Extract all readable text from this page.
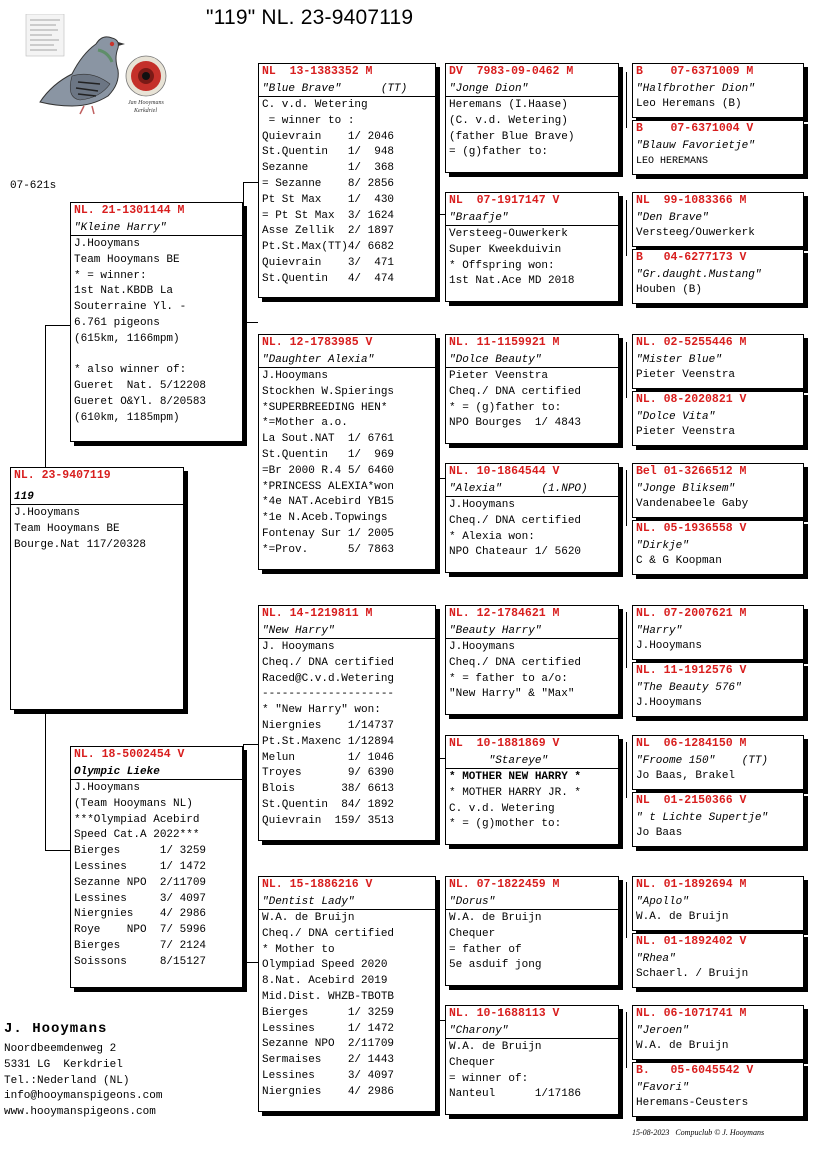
"119" NL. 23-9407119
Jan Hooymans
Kerkdriel
07-621s
NL. 23-9407119
119
J.Hooymans
Team Hooymans BE
Bourge.Nat 117/20328
NL. 21-1301144 M
"Kleine Harry"
J.Hooymans
Team Hooymans BE
* = winner:
1st Nat.KBDB La
Souterraine Yl. -
6.761 pigeons
(615km, 1166mpm)
* also winner of:
Gueret  Nat. 5/12208
Gueret O&Yl. 8/20583
(610km, 1185mpm)
NL. 18-5002454 V
Olympic Lieke
J.Hooymans
(Team Hooymans NL)
***Olympiad Acebird
Speed Cat.A 2022***
Bierges      1/ 3259
Lessines     1/ 1472
Sezanne NPO  2/11709
Lessines     3/ 4097
Niergnies    4/ 2986
Roye    NPO  7/ 5996
Bierges      7/ 2124
Soissons     8/15127
NL  13-1383352 M
"Blue Brave"      (TT)
C. v.d. Wetering
= winner to :
Quievrain    1/ 2046
St.Quentin   1/  948
Sezanne      1/  368
= Sezanne    8/ 2856
Pt St Max    1/  430
= Pt St Max  3/ 1624
Asse Zellik  2/ 1897
Pt.St.Max(TT)4/ 6682
Quievrain    3/  471
St.Quentin   4/  474
NL. 12-1783985 V
"Daughter Alexia"
J.Hooymans
Stockhen W.Spierings
*SUPERBREEDING HEN*
*=Mother a.o.
La Sout.NAT  1/ 6761
St.Quentin   1/  969
=Br 2000 R.4 5/ 6460
*PRINCESS ALEXIA*won
*4e NAT.Acebird YB15
*1e N.Aceb.Topwings
Fontenay Sur 1/ 2005
*=Prov.      5/ 7863
NL. 14-1219811 M
"New Harry"
J. Hooymans
Cheq./ DNA certified
Raced@C.v.d.Wetering
--------------------
* "New Harry" won:
Niergnies    1/14737
Pt.St.Maxenc 1/12894
Melun        1/ 1046
Troyes       9/ 6390
Blois       38/ 6613
St.Quentin  84/ 1892
Quievrain  159/ 3513
NL. 15-1886216 V
"Dentist Lady"
W.A. de Bruijn
Cheq./ DNA certified
* Mother to
Olympiad Speed 2020
8.Nat. Acebird 2019
Mid.Dist. WHZB-TBOTB
Bierges      1/ 3259
Lessines     1/ 1472
Sezanne NPO  2/11709
Sermaises    2/ 1443
Lessines     3/ 4097
Niergnies    4/ 2986
DV  7983-09-0462 M
"Jonge Dion"
Heremans (I.Haase)
(C. v.d. Wetering)
(father Blue Brave)
= (g)father to:
NL  07-1917147 V
"Braafje"
Versteeg-Ouwerkerk
Super Kweekduivin
* Offspring won:
1st Nat.Ace MD 2018
NL. 11-1159921 M
"Dolce Beauty"
Pieter Veenstra
Cheq./ DNA certified
* = (g)father to:
NPO Bourges  1/ 4843
NL. 10-1864544 V
"Alexia"      (1.NPO)
J.Hooymans
Cheq./ DNA certified
* Alexia won:
NPO Chateaur 1/ 5620
NL. 12-1784621 M
"Beauty Harry"
J.Hooymans
Cheq./ DNA certified
* = father to a/o:
"New Harry" & "Max"
NL  10-1881869 V
"Stareye"
* MOTHER NEW HARRY *
* MOTHER HARRY JR. *
C. v.d. Wetering
* = (g)mother to:
NL. 07-1822459 M
"Dorus"
W.A. de Bruijn
Chequer
= father of
5e asduif jong
NL. 10-1688113 V
"Charony"
W.A. de Bruijn
Chequer
= winner of:
Nanteul      1/17186
B    07-6371009 M
"Halfbrother Dion"
Leo Heremans (B)
B    07-6371004 V
"Blauw Favorietje"
LEO HEREMANS
NL  99-1083366 M
"Den Brave"
Versteeg/Ouwerkerk
B   04-6277173 V
"Gr.daught.Mustang"
Houben (B)
NL. 02-5255446 M
"Mister Blue"
Pieter Veenstra
NL. 08-2020821 V
"Dolce Vita"
Pieter Veenstra
Bel 01-3266512 M
"Jonge Bliksem"
Vandenabeele Gaby
NL. 05-1936558 V
"Dirkje"
C & G Koopman
NL. 07-2007621 M
"Harry"
J.Hooymans
NL. 11-1912576 V
"The Beauty 576"
J.Hooymans
NL  06-1284150 M
"Froome 150"    (TT)
Jo Baas, Brakel
NL  01-2150366 V
" t Lichte Supertje"
Jo Baas
NL. 01-1892694 M
"Apollo"
W.A. de Bruijn
NL. 01-1892402 V
"Rhea"
Schaerl. / Bruijn
NL. 06-1071741 M
"Jeroen"
W.A. de Bruijn
B.   05-6045542 V
"Favori"
Heremans-Ceusters
J. Hooymans
Noordbeemdenweg 2
5331 LG  Kerkdriel
Tel.:Nederland (NL)
info@hooymanspigeons.com
www.hooymanspigeons.com
15-08-2023   Compuclub © J. Hooymans
